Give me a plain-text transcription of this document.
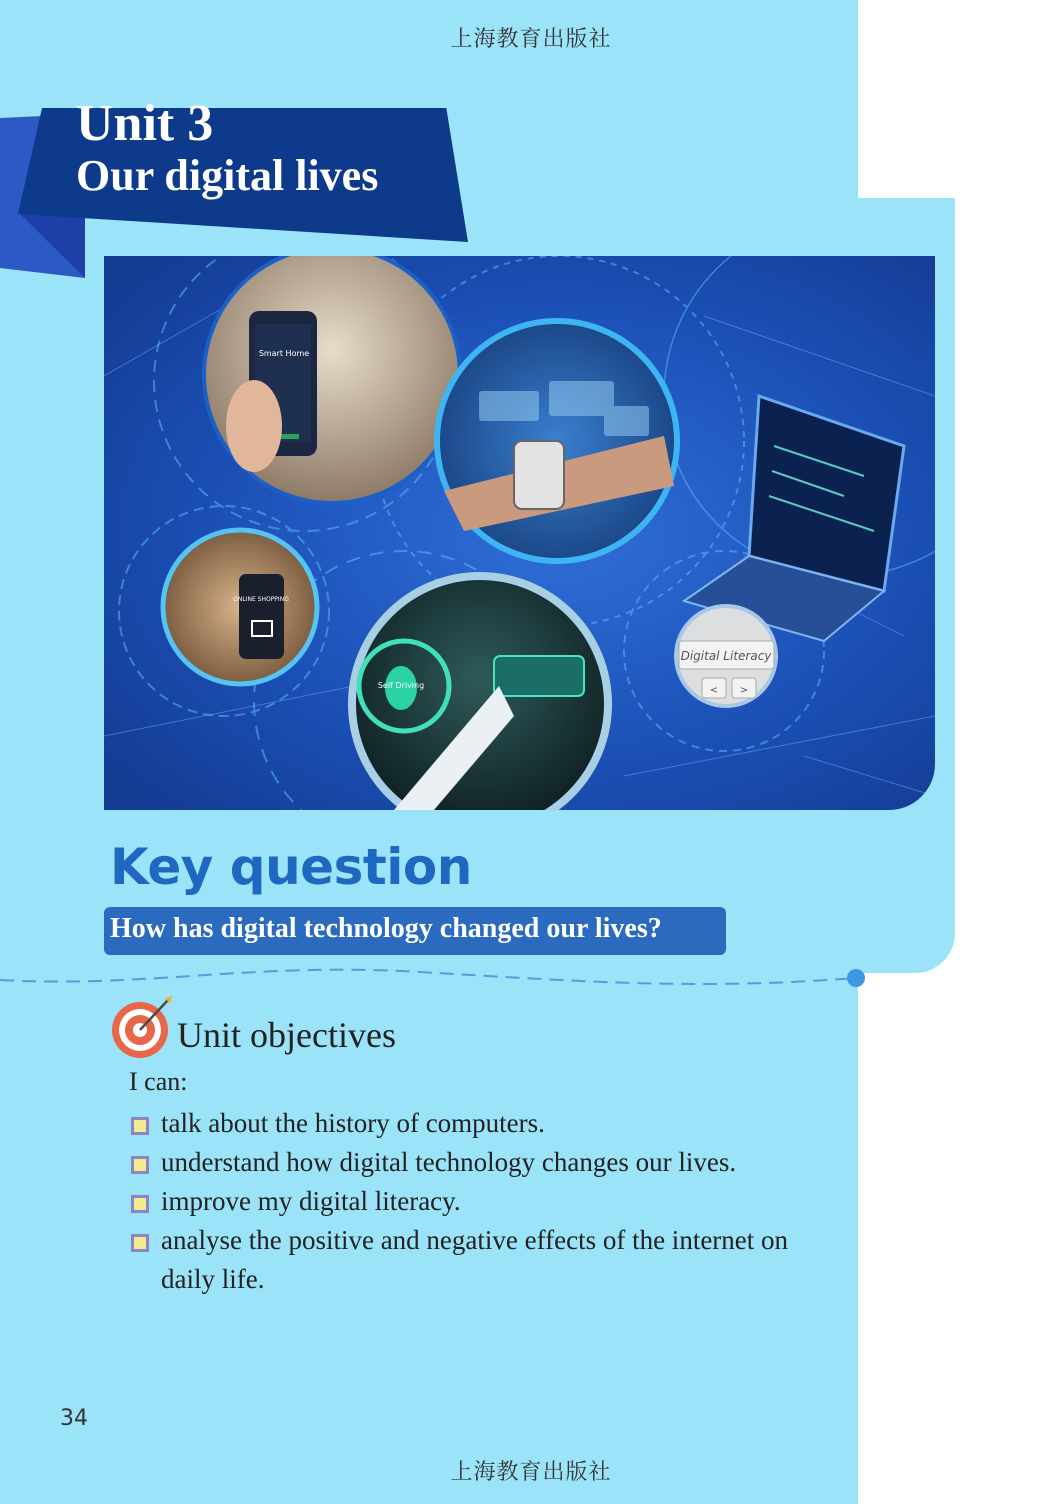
上海教育出版社
Unit 3
Our digital lives
Smart Home
ONLINE SHOPPING
Self Driving
Digital Literacy
< >
Key question
How has digital technology changed our lives?
Unit objectives
I can:
talk about the history of computers.
understand how digital technology changes our lives.
improve my digital literacy.
analyse the positive and negative effects of the internet on daily life.
34
上海教育出版社
